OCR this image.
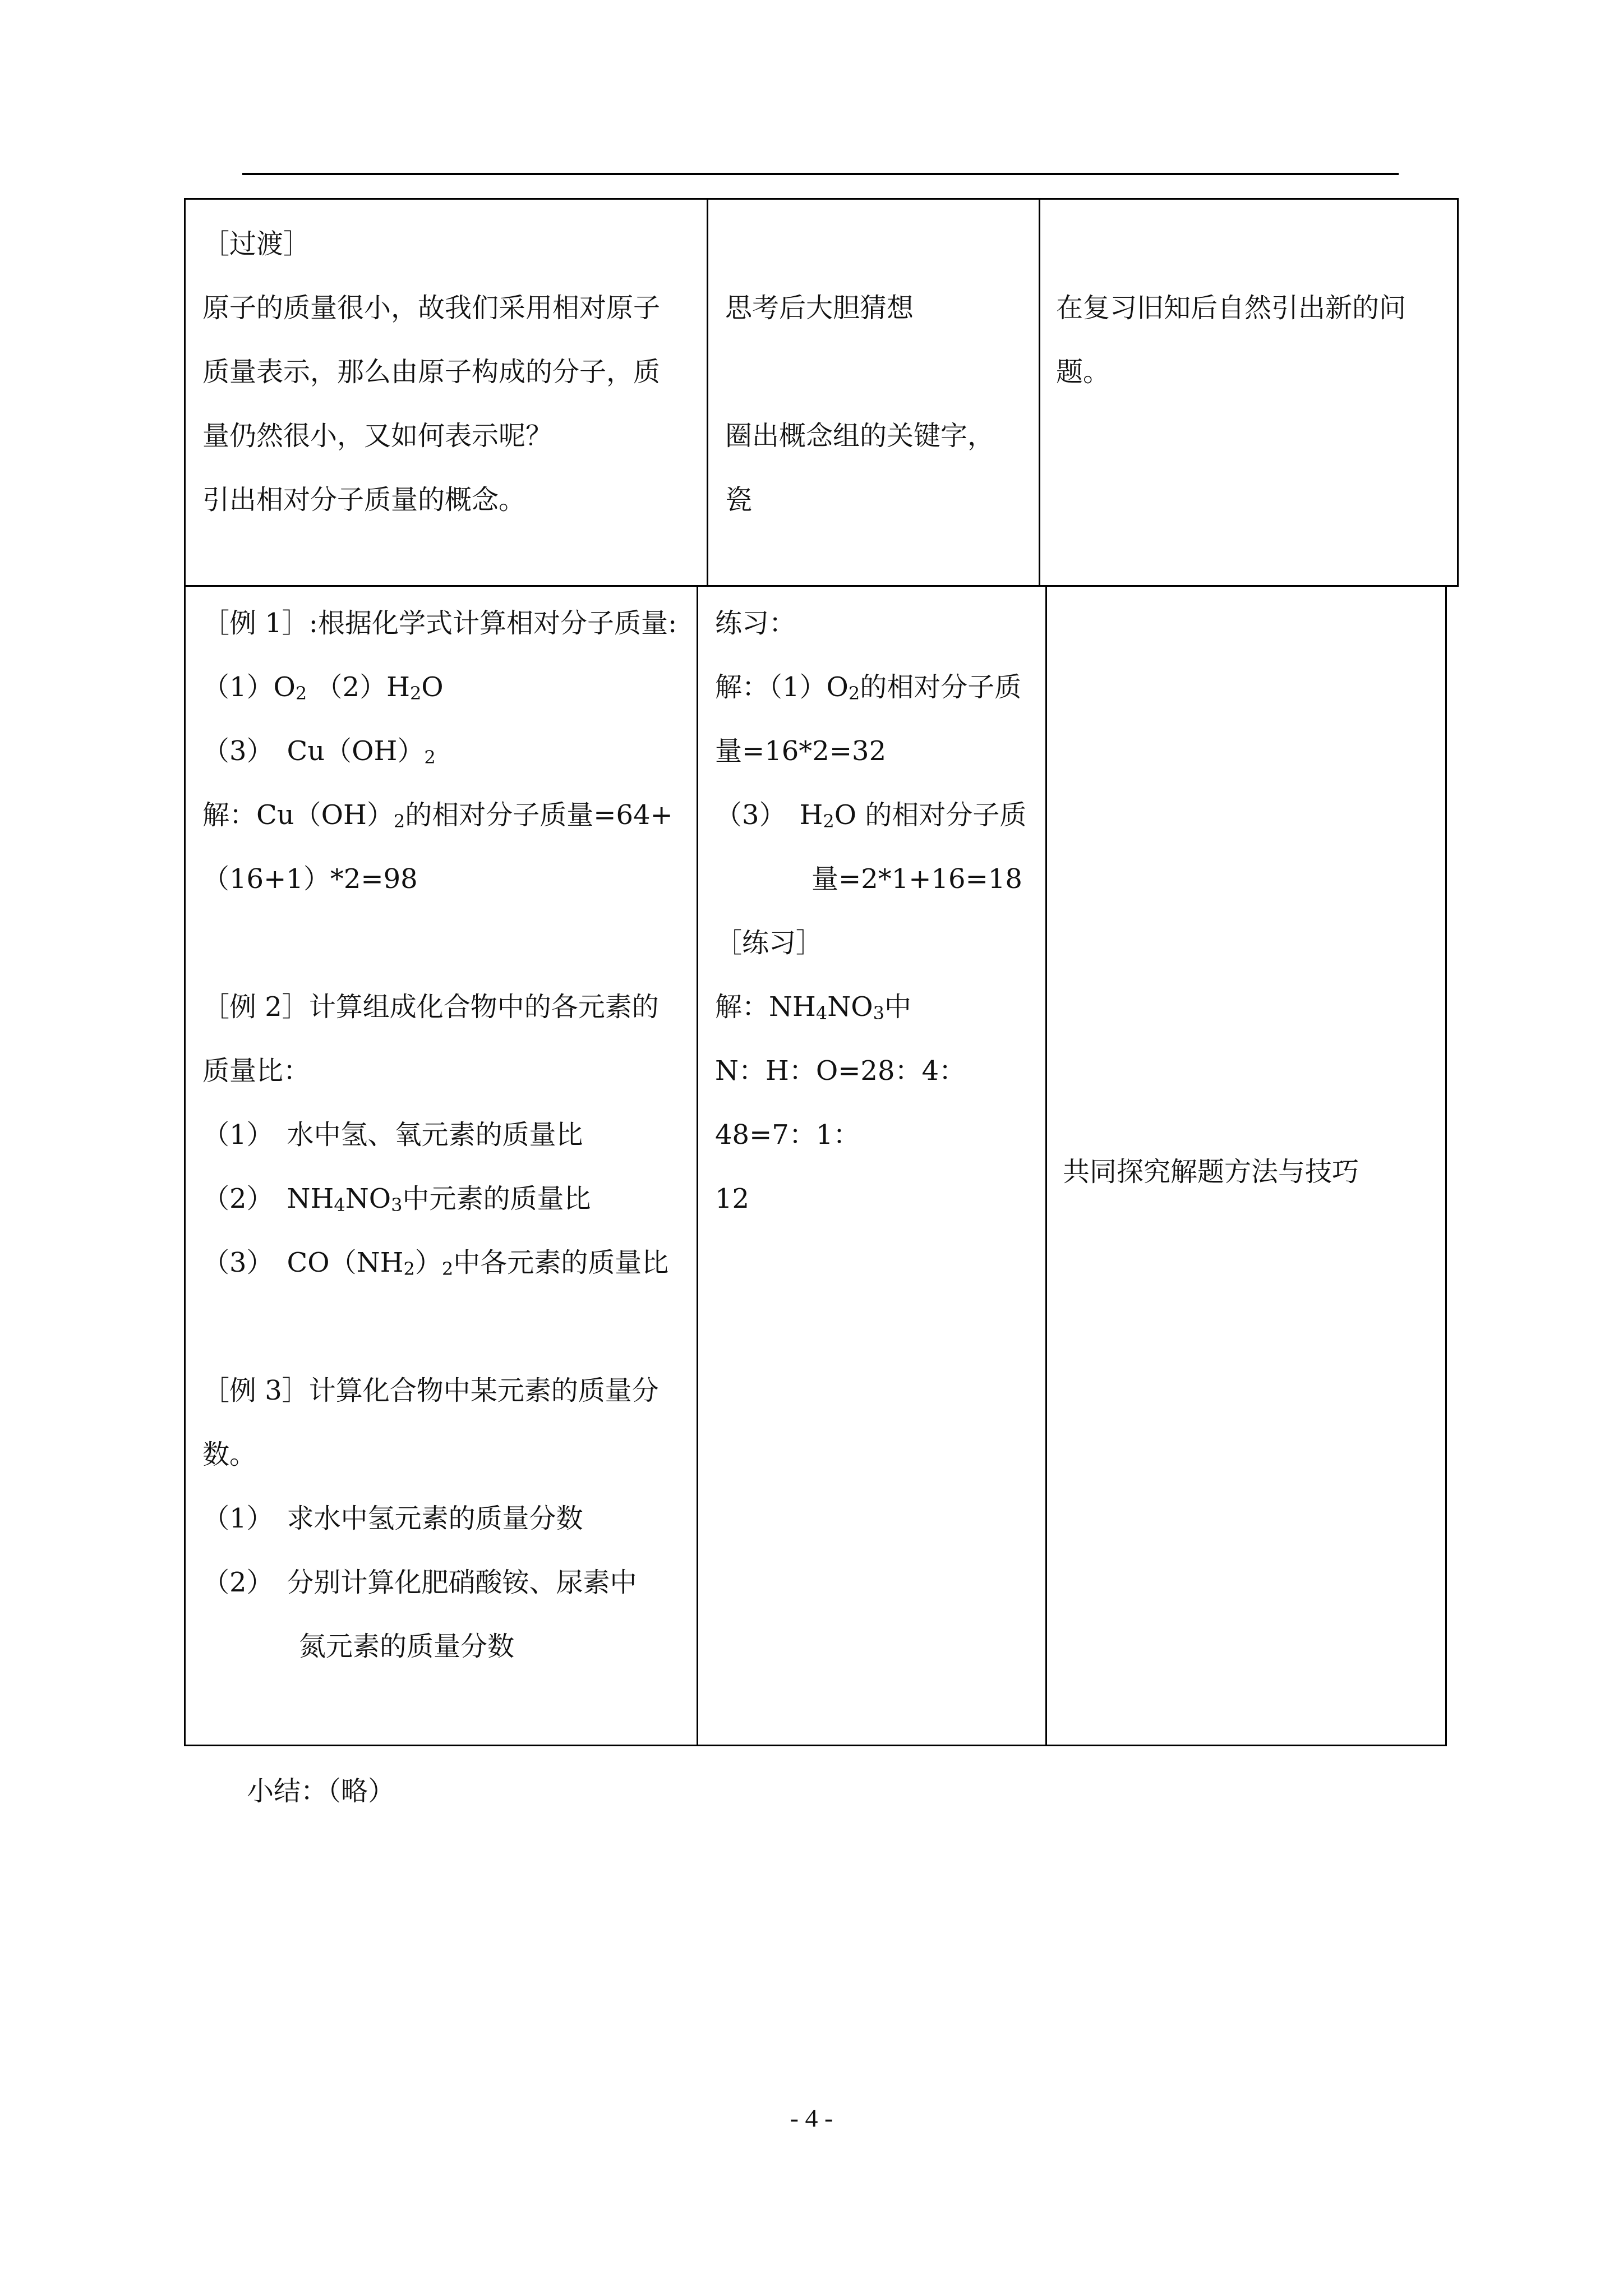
［过渡］

原子的质量很小，故我们采用相对原子

质量表示，那么由原子构成的分子，质

量仍然很小，又如何表示呢？

引出相对分子质量的概念。

思考后大胆猜想

圈出概念组的关键字，

瓷

在复习旧知后自然引出新的问

题。

［例 1］:根据化学式计算相对分子质量:

$(1)O_2$ $(2)H_2O$

（3）　$Cu(OH)_2$

解：$Cu(OH)_2$的相对分子质量=64+

（16+1）*2=98

［例 2］计算组成化合物中的各元素的

质量比：

（1）　水中氢、氧元素的质量比

（2）　$NH_4NO_3$中元素的质量比

（3）　$CO(NH_2)_2$中各元素的质量比

［例 3］计算化合物中某元素的质量分

数。

（1）　求水中氢元素的质量分数

（2）　分别计算化肥硝酸铵、尿素中

氮元素的质量分数

练习：

解：$(1)O_2$的相对分子质

量=16*2=32

（3）　$H_2O$ 的相对分子质

量=2*1+16=18

［练习］

解：$NH_4NO_3$中

N：H：O=28：4：48=7：1：

12

共同探究解题方法与技巧

小结：（略）
- 4 -
